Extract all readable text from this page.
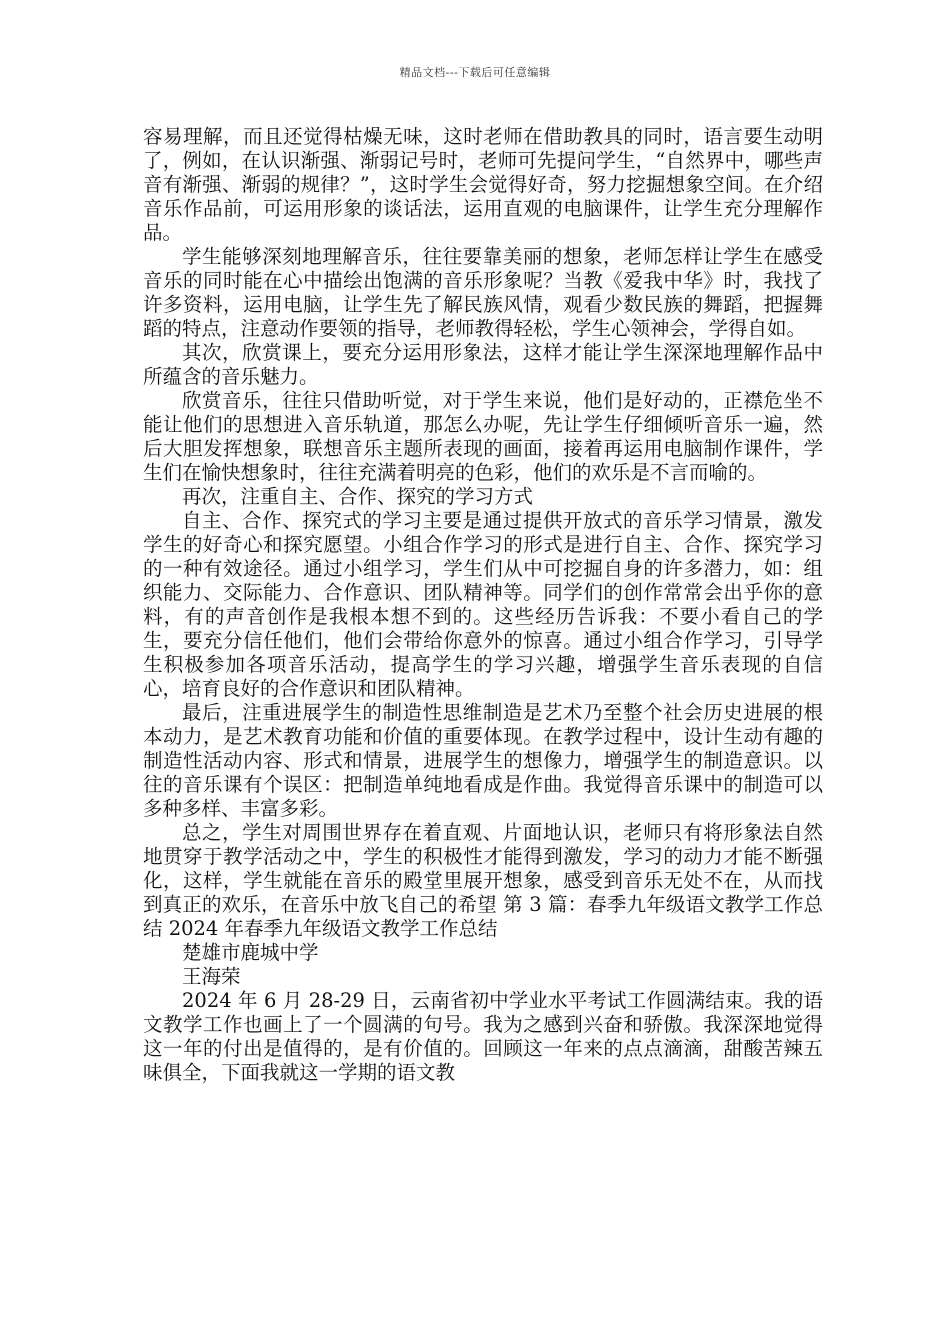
精品文档---下载后可任意编辑

容易理解，而且还觉得枯燥无味，这时老师在借助教具的同时，语言要生动明了，例如，在认识渐强、渐弱记号时，老师可先提问学生，“自然界中，哪些声音有渐强、渐弱的规律？”，这时学生会觉得好奇，努力挖掘想象空间。在介绍音乐作品前，可运用形象的谈话法，运用直观的电脑课件，让学生充分理解作品。

学生能够深刻地理解音乐，往往要靠美丽的想象，老师怎样让学生在感受音乐的同时能在心中描绘出饱满的音乐形象呢？当教《爱我中华》时，我找了许多资料，运用电脑，让学生先了解民族风情，观看少数民族的舞蹈，把握舞蹈的特点，注意动作要领的指导，老师教得轻松，学生心领神会，学得自如。

其次，欣赏课上，要充分运用形象法，这样才能让学生深深地理解作品中所蕴含的音乐魅力。

欣赏音乐，往往只借助听觉，对于学生来说，他们是好动的，正襟危坐不能让他们的思想进入音乐轨道，那怎么办呢，先让学生仔细倾听音乐一遍，然后大胆发挥想象，联想音乐主题所表现的画面，接着再运用电脑制作课件，学生们在愉快想象时，往往充满着明亮的色彩，他们的欢乐是不言而喻的。

再次，注重自主、合作、探究的学习方式

自主、合作、探究式的学习主要是通过提供开放式的音乐学习情景，激发学生的好奇心和探究愿望。小组合作学习的形式是进行自主、合作、探究学习的一种有效途径。通过小组学习，学生们从中可挖掘自身的许多潜力，如：组织能力、交际能力、合作意识、团队精神等。同学们的创作常常会出乎你的意料，有的声音创作是我根本想不到的。这些经历告诉我：不要小看自己的学生，要充分信任他们，他们会带给你意外的惊喜。通过小组合作学习，引导学生积极参加各项音乐活动，提高学生的学习兴趣，增强学生音乐表现的自信心，培育良好的合作意识和团队精神。

最后，注重进展学生的制造性思维制造是艺术乃至整个社会历史进展的根本动力，是艺术教育功能和价值的重要体现。在教学过程中，设计生动有趣的制造性活动内容、形式和情景，进展学生的想像力，增强学生的制造意识。以往的音乐课有个误区：把制造单纯地看成是作曲。我觉得音乐课中的制造可以多种多样、丰富多彩。

总之，学生对周围世界存在着直观、片面地认识，老师只有将形象法自然地贯穿于教学活动之中，学生的积极性才能得到激发，学习的动力才能不断强化，这样，学生就能在音乐的殿堂里展开想象，感受到音乐无处不在，从而找到真正的欢乐，在音乐中放飞自己的希望 第 3 篇：春季九年级语文教学工作总结 2024 年春季九年级语文教学工作总结

楚雄市鹿城中学

王海荣

2024 年 6 月 28-29 日，云南省初中学业水平考试工作圆满结束。我的语文教学工作也画上了一个圆满的句号。我为之感到兴奋和骄傲。我深深地觉得这一年的付出是值得的，是有价值的。回顾这一年来的点点滴滴，甜酸苦辣五味俱全，下面我就这一学期的语文教
